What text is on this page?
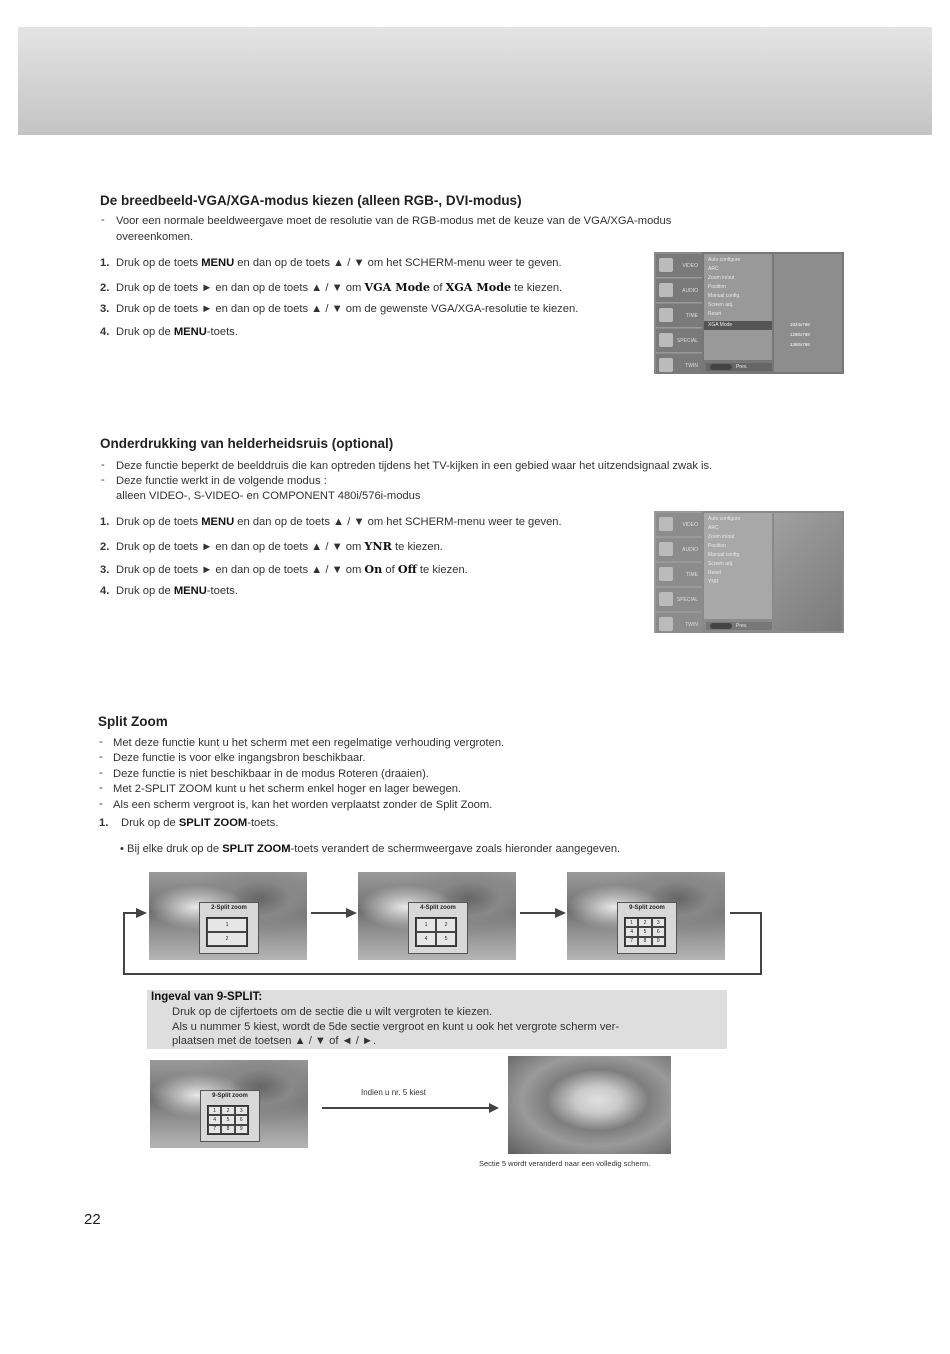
De breedbeeld-VGA/XGA-modus kiezen (alleen RGB-, DVI-modus)
- Voor een normale beeldweergave moet de resolutie van de RGB-modus met de keuze van de VGA/XGA-modus
overeenkomen.
1. Druk op de toets MENU en dan op de toets ▲ / ▼ om het SCHERM-menu weer te geven.
2. Druk op de toets ► en dan op de toets ▲ / ▼ om VGA Mode of XGA Mode te kiezen.
3. Druk op de toets ► en dan op de toets ▲ / ▼ om de gewenste VGA/XGA-resolutie te kiezen.
4. Druk op de MENU-toets.
VIDEO
AUDIO
TIME
SPECIAL
TWIN
Auto configure
ARC
Zoom in/out
Position
Manual config.
Screen adj.
Reset
XGA Mode	1024x768
1280x768
1360x768
Prev.
Onderdrukking van helderheidsruis (optional)
- Deze functie beperkt de beelddruis die kan optreden tijdens het TV-kijken in een gebied waar het uitzendsignaal zwak is.
- Deze functie werkt in de volgende modus :
alleen VIDEO-, S-VIDEO- en COMPONENT 480i/576i-modus
1. Druk op de toets MENU en dan op de toets ▲ / ▼ om het SCHERM-menu weer te geven.
2. Druk op de toets ► en dan op de toets ▲ / ▼ om YNR te kiezen.
3. Druk op de toets ► en dan op de toets ▲ / ▼ om On of Off te kiezen.
4. Druk op de MENU-toets.
VIDEO
AUDIO
TIME
SPECIAL
TWIN
Auto configure
ARC
Zoom in/out
Position
Manual config.
Screen adj.
Reset
YNR
Prev.
Split Zoom
- Met deze functie kunt u het scherm met een regelmatige verhouding vergroten.
- Deze functie is voor elke ingangsbron beschikbaar.
- Deze functie is niet beschikbaar in de modus Roteren (draaien).
- Met 2-SPLIT ZOOM kunt u het scherm enkel hoger en lager bewegen.
- Als een scherm vergroot is, kan het worden verplaatst zonder de Split Zoom.
1. Druk op de SPLIT ZOOM-toets.
• Bij elke druk op de SPLIT ZOOM-toets verandert de schermweergave zoals hieronder aangegeven.
2-Split zoom
1
2
4-Split zoom
1	2
4	5
9-Split zoom
1	2	3
4	5	6
7	8	9
Ingeval van 9-SPLIT:
Druk op de cijfertoets om de sectie die u wilt vergroten te kiezen.
Als u nummer 5 kiest, wordt de 5de sectie vergroot en kunt u ook het vergrote scherm ver-
plaatsen met de toetsen ▲ / ▼ of ◄ / ►.
9-Split zoom
1	2	3
4	5	6
7	8	9
Indien u nr. 5 kiest
Sectie 5 wordt veranderd naar een volledig scherm.
22
